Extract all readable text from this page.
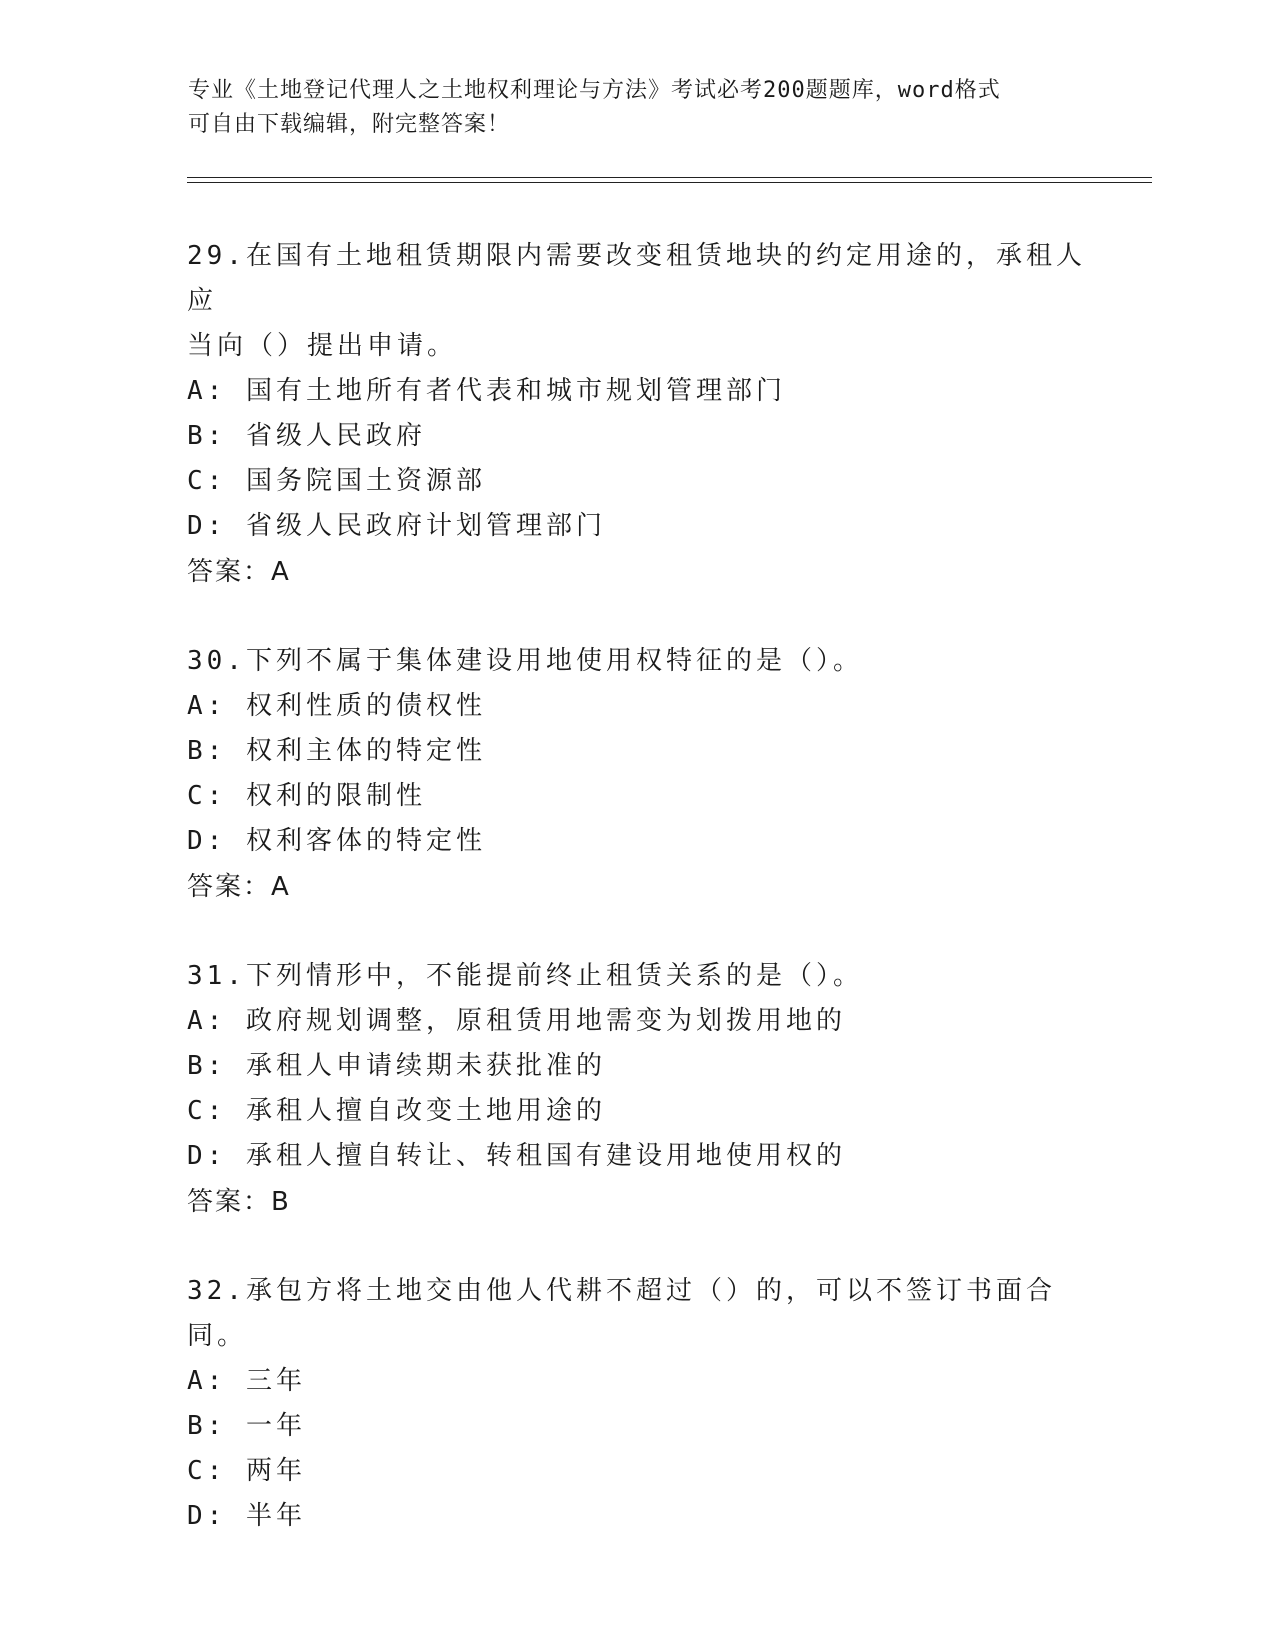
专业《土地登记代理人之土地权利理论与方法》考试必考200题题库，word格式
可自由下载编辑，附完整答案！
29.在国有土地租赁期限内需要改变租赁地块的约定用途的，承租人应
当向（）提出申请。
A: 国有土地所有者代表和城市规划管理部门
B: 省级人民政府
C: 国务院国土资源部
D: 省级人民政府计划管理部门
答案：A
30.下列不属于集体建设用地使用权特征的是（）。
A: 权利性质的债权性
B: 权利主体的特定性
C: 权利的限制性
D: 权利客体的特定性
答案：A
31.下列情形中，不能提前终止租赁关系的是（）。
A: 政府规划调整，原租赁用地需变为划拨用地的
B: 承租人申请续期未获批准的
C: 承租人擅自改变土地用途的
D: 承租人擅自转让、转租国有建设用地使用权的
答案：B
32.承包方将土地交由他人代耕不超过（）的，可以不签订书面合同。
A: 三年
B: 一年
C: 两年
D: 半年
